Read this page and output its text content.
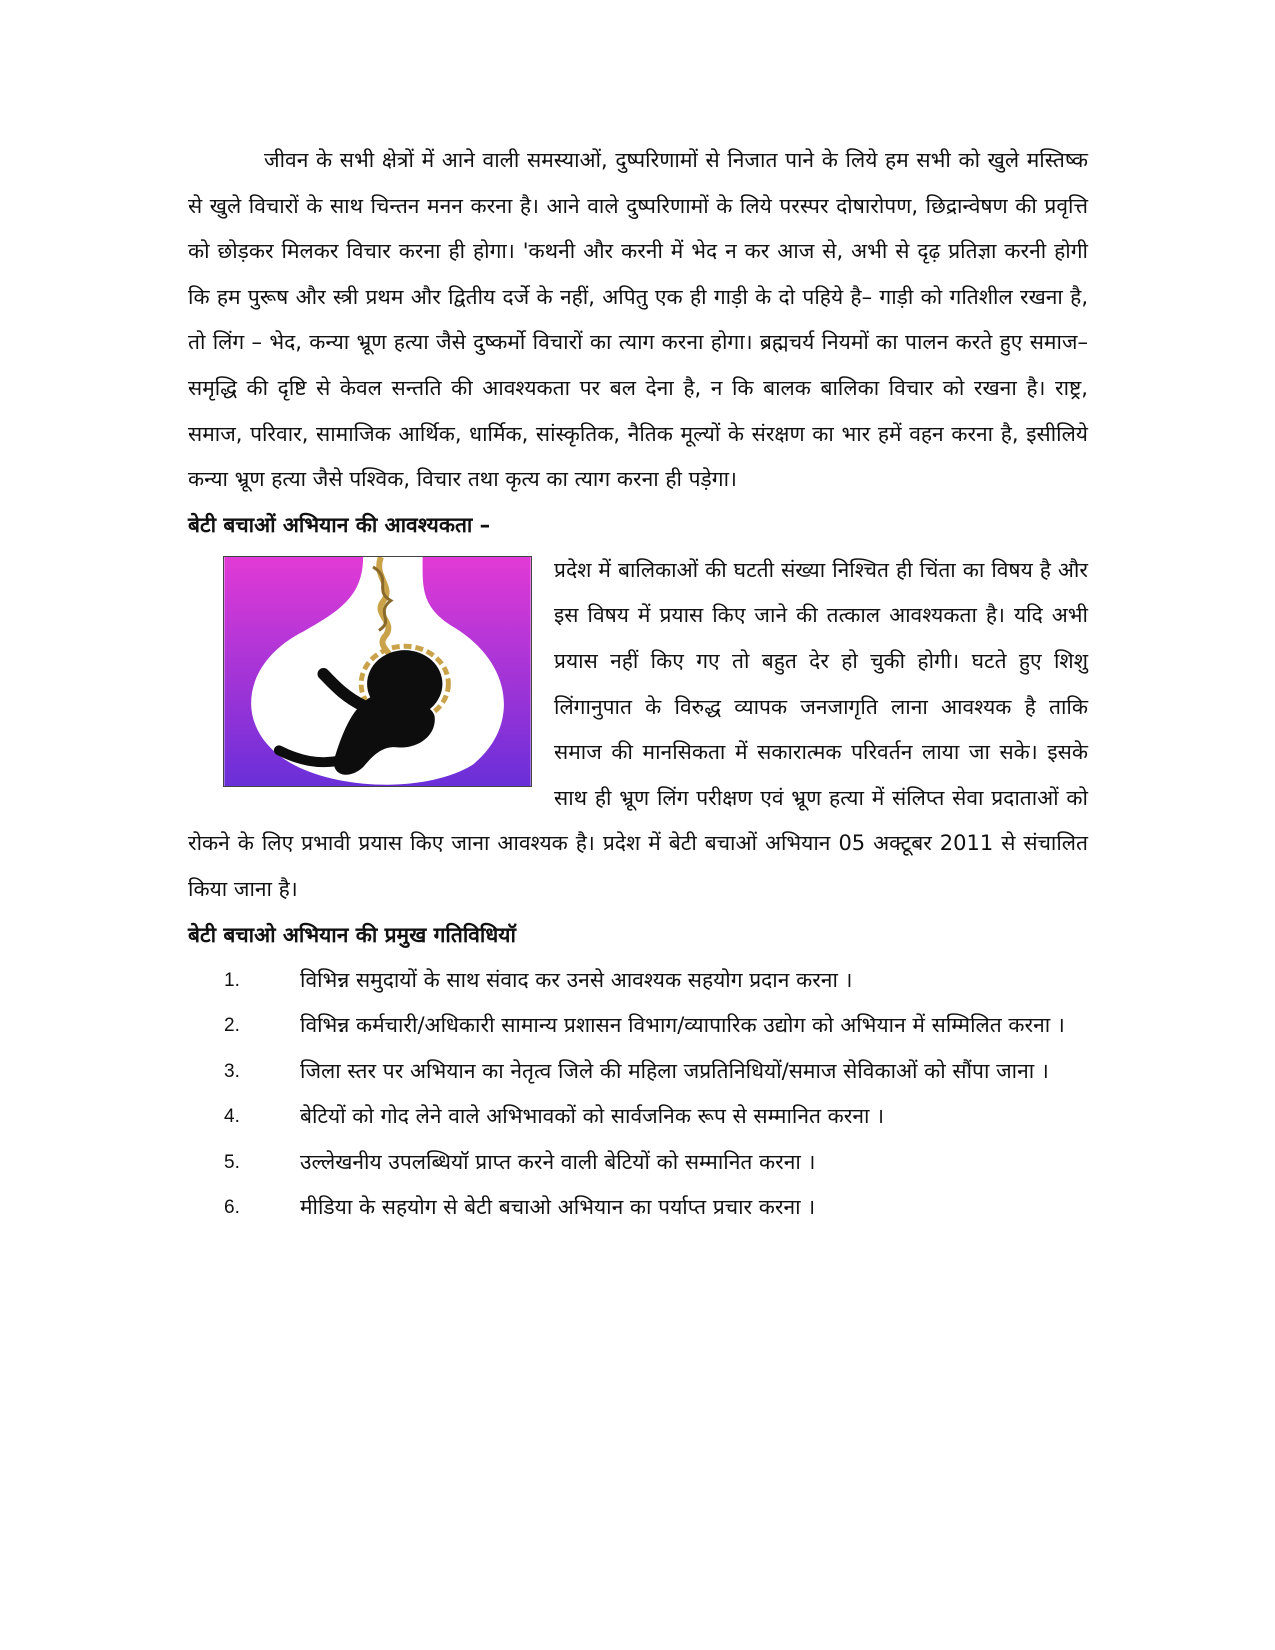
जीवन के सभी क्षेत्रों में आने वाली समस्याओं, दुष्परिणामों से निजात पाने के लिये हम सभी को खुले मस्तिष्क से खुले विचारों के साथ चिन्तन मनन करना है। आने वाले दुष्परिणामों के लिये परस्पर दोषारोपण, छिद्रान्वेषण की प्रवृत्ति को छोड़कर मिलकर विचार करना ही होगा। 'कथनी और करनी में भेद न कर आज से, अभी से दृढ़ प्रतिज्ञा करनी होगी कि हम पुरूष और स्त्री प्रथम और द्वितीय दर्जे के नहीं, अपितु एक ही गाड़ी के दो पहिये है– गाड़ी को गतिशील रखना है, तो लिंग – भेद, कन्या भ्रूण हत्या जैसे दुष्कर्मो विचारों का त्याग करना होगा। ब्रह्मचर्य नियमों का पालन करते हुए समाज–समृद्धि की दृष्टि से केवल सन्तति की आवश्यकता पर बल देना है, न कि बालक बालिका विचार को रखना है। राष्ट्र, समाज, परिवार, सामाजिक आर्थिक, धार्मिक, सांस्कृतिक, नैतिक मूल्यों के संरक्षण का भार हमें वहन करना है, इसीलिये कन्या भ्रूण हत्या जैसे पश्विक, विचार तथा कृत्य का त्याग करना ही पड़ेगा।

बेटी बचाओं अभियान की आवश्यकता –

प्रदेश में बालिकाओं की घटती संख्या निश्चित ही चिंता का विषय है और इस विषय में प्रयास किए जाने की तत्काल आवश्यकता है। यदि अभी प्रयास नहीं किए गए तो बहुत देर हो चुकी होगी। घटते हुए शिशु लिंगानुपात के विरुद्ध व्यापक जनजागृति लाना आवश्यक है ताकि समाज की मानसिकता में सकारात्मक परिवर्तन लाया जा सके। इसके साथ ही भ्रूण लिंग परीक्षण एवं भ्रूण हत्या में संलिप्त सेवा प्रदाताओं को रोकने के लिए प्रभावी प्रयास किए जाना आवश्यक है। प्रदेश में बेटी बचाओं अभियान 05 अक्टूबर 2011 से संचालित किया जाना है।

बेटी बचाओ अभियान की प्रमुख गतिविधियॉ

1.	विभिन्न समुदायों के साथ संवाद कर उनसे आवश्यक सहयोग प्रदान करना ।
2.	विभिन्न कर्मचारी/अधिकारी सामान्य प्रशासन विभाग/व्यापारिक उद्योग को अभियान में सम्मिलित करना ।
3.	जिला स्तर पर अभियान का नेतृत्व जिले की महिला जप्रतिनिधियों/समाज सेविकाओं को सौंपा जाना ।
4.	बेटियों को गोद लेने वाले अभिभावकों को सार्वजनिक रूप से सम्मानित करना ।
5.	उल्लेखनीय उपलब्धियॉ प्राप्त करने वाली बेटियों को सम्मानित करना ।
6.	मीडिया के सहयोग से बेटी बचाओ अभियान का पर्याप्त प्रचार करना ।
